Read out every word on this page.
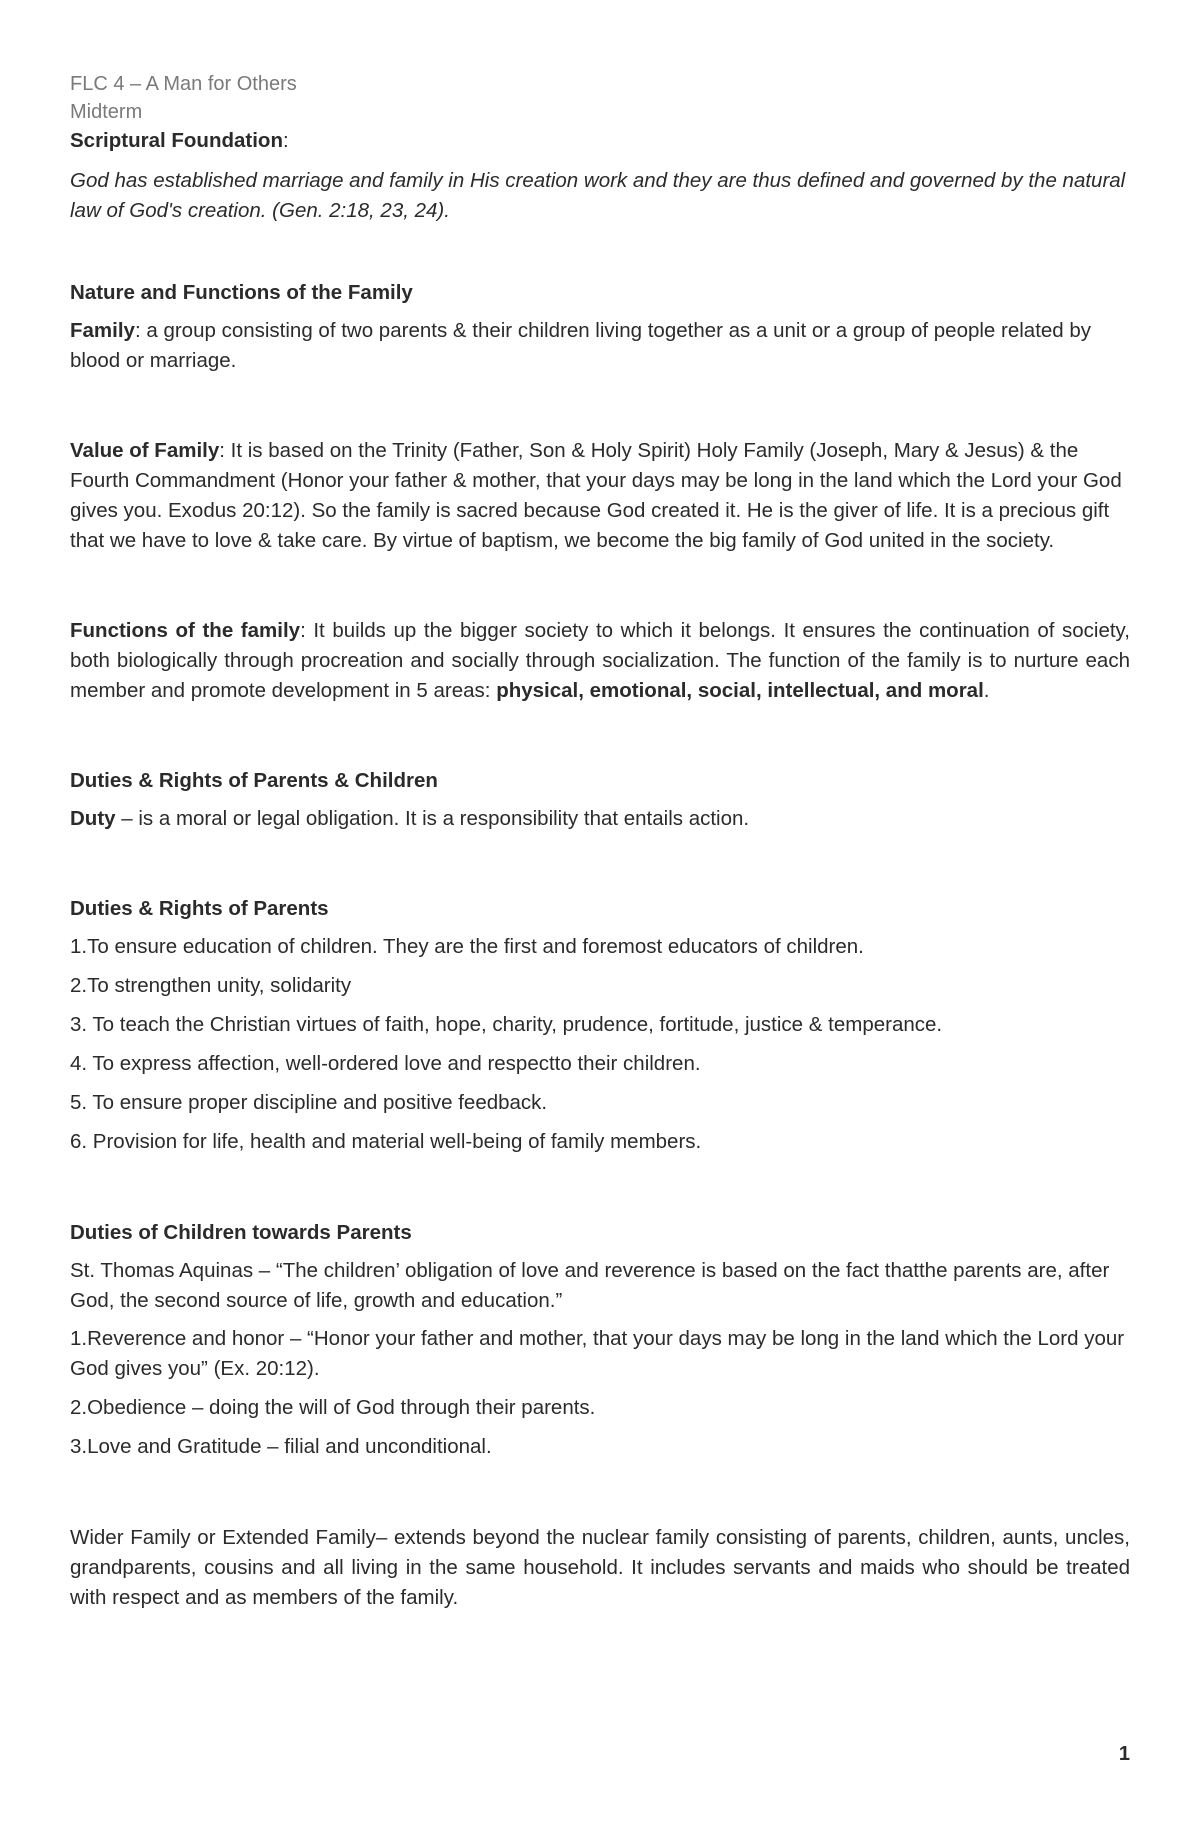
FLC 4 – A Man for Others

Midterm

Scriptural Foundation:

God has established marriage and family in His creation work and they are thus defined and governed by the natural law of God's creation. (Gen. 2:18, 23, 24).

Nature and Functions of the Family

Family: a group consisting of two parents & their children living together as a unit or a group of people related by blood or marriage.

Value of Family: It is based on the Trinity (Father, Son & Holy Spirit) Holy Family (Joseph, Mary & Jesus) & the Fourth Commandment (Honor your father & mother, that your days may be long in the land which the Lord your God gives you. Exodus 20:12). So the family is sacred because God created it. He is the giver of life. It is a precious gift that we have to love & take care. By virtue of baptism, we become the big family of God united in the society.

Functions of the family: It builds up the bigger society to which it belongs. It ensures the continuation of society, both biologically through procreation and socially through socialization. The function of the family is to nurture each member and promote development in 5 areas: physical, emotional, social, intellectual, and moral.

Duties & Rights of Parents & Children

Duty – is a moral or legal obligation. It is a responsibility that entails action.

Duties & Rights of Parents

1.To ensure education of children. They are the first and foremost educators of children.

2.To strengthen unity, solidarity

3. To teach the Christian virtues of faith, hope, charity, prudence, fortitude, justice & temperance.

4. To express affection, well-ordered love and respectto their children.

5. To ensure proper discipline and positive feedback.

6. Provision for life, health and material well-being of family members.

Duties of Children towards Parents

St. Thomas Aquinas – “The children’ obligation of love and reverence is based on the fact thatthe parents are, after God, the second source of life, growth and education.”

1.Reverence and honor – “Honor your father and mother, that your days may be long in the land which the Lord your God gives you” (Ex. 20:12).

2.Obedience – doing the will of God through their parents.

3.Love and Gratitude – filial and unconditional.

Wider Family or Extended Family– extends beyond the nuclear family consisting of parents, children, aunts, uncles, grandparents, cousins and all living in the same household. It includes servants and maids who should be treated with respect and as members of the family.

1
